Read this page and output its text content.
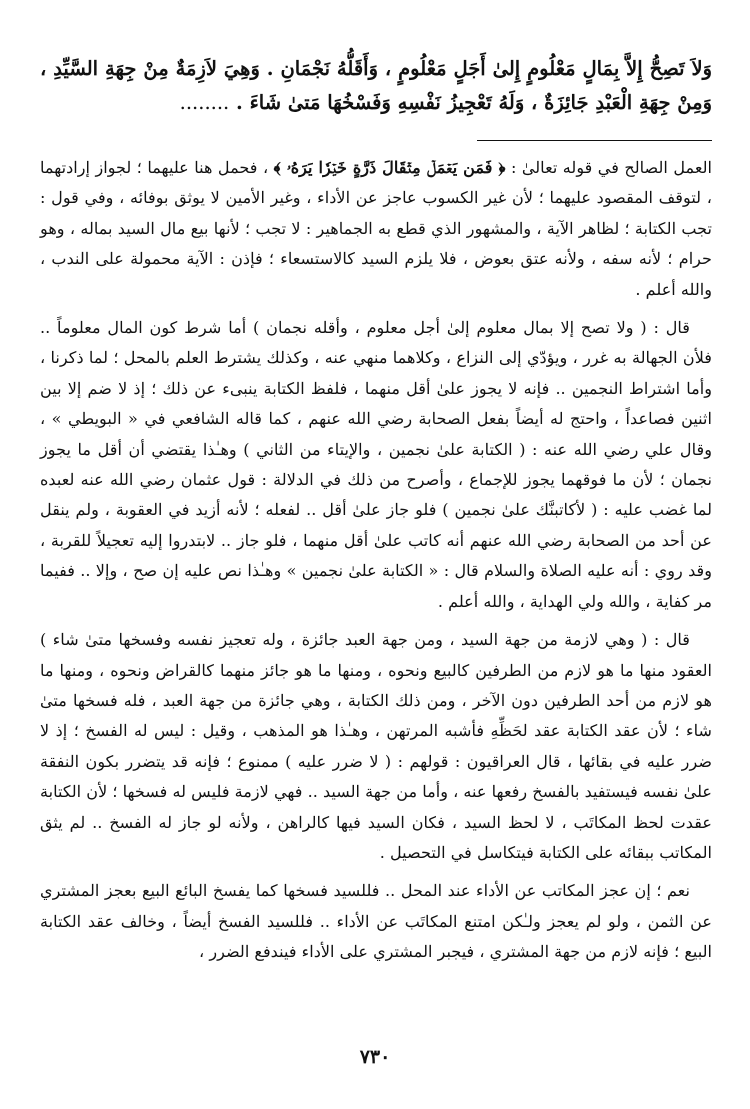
وَلاَ تَصِحُّ إِلاَّ بِمَالٍ مَعْلُومٍ إِلىٰ أَجَلٍ مَعْلُومٍ ، وَأَقَلُّهُ نَجْمَانِ . وَهِيَ لاَزِمَةٌ مِنْ جِهَةِ السَّيِّدِ ، وَمِنْ جِهَةِ الْعَبْدِ جَائِزَةٌ ، وَلَهُ تَعْجِيزُ نَفْسِهِ وَفَسْخُهَا مَتىٰ شَاءَ . ........

العمل الصالح في قوله تعالىٰ : ﴿ فَمَن يَعۡمَلۡ مِثۡقَالَ ذَرَّةٍ خَيۡرٗا يَرَهُۥ ﴾ ، فحمل هنا عليهما ؛ لجواز إرادتهما ، لتوقف المقصود عليهما ؛ لأن غير الكسوب عاجز عن الأداء ، وغير الأمين لا يوثق بوفائه ، وفي قول : تجب الكتابة ؛ لظاهر الآية ، والمشهور الذي قطع به الجماهير : لا تجب ؛ لأنها بيع مال السيد بماله ، وهو حرام ؛ لأنه سفه ، ولأنه عتق بعوض ، فلا يلزم السيد كالاستسعاء ؛ فإذن : الآية محمولة على الندب ، والله أعلم .

قال : ( ولا تصح إلا بمال معلوم إلىٰ أجل معلوم ، وأقله نجمان ) أما شرط كون المال معلوماً .. فلأن الجهالة به غرر ، ويؤدّي إلى النزاع ، وكلاهما منهي عنه ، وكذلك يشترط العلم بالمحل ؛ لما ذكرنا ، وأما اشتراط النجمين .. فإنه لا يجوز علىٰ أقل منهما ، فلفظ الكتابة ينبىء عن ذلك ؛ إذ لا ضم إلا بين اثنين فصاعداً ، واحتج له أيضاً بفعل الصحابة رضي الله عنهم ، كما قاله الشافعي في « البويطي » ، وقال علي رضي الله عنه : ( الكتابة علىٰ نجمين ، والإيتاء من الثاني ) وهـٰذا يقتضي أن أقل ما يجوز نجمان ؛ لأن ما فوقهما يجوز للإجماع ، وأصرح من ذلك في الدلالة : قول عثمان رضي الله عنه لعبده لما غضب عليه : ( لأكاتبنَّك علىٰ نجمين ) فلو جاز علىٰ أقل .. لفعله ؛ لأنه أزيد في العقوبة ، ولم ينقل عن أحد من الصحابة رضي الله عنهم أنه كاتب علىٰ أقل منهما ، فلو جاز .. لابتدروا إليه تعجيلاً للقربة ، وقد روي : أنه عليه الصلاة والسلام قال : « الكتابة علىٰ نجمين » وهـٰذا نص عليه إن صح ، وإلا .. ففيما مر كفاية ، والله ولي الهداية ، والله أعلم .

قال : ( وهي لازمة من جهة السيد ، ومن جهة العبد جائزة ، وله تعجيز نفسه وفسخها متىٰ شاء ) العقود منها ما هو لازم من الطرفين كالبيع ونحوه ، ومنها ما هو جائز منهما كالقراض ونحوه ، ومنها ما هو لازم من أحد الطرفين دون الآخر ، ومن ذلك الكتابة ، وهي جائزة من جهة العبد ، فله فسخها متىٰ شاء ؛ لأن عقد الكتابة عقد لحَظِّهِ فأشبه المرتهن ، وهـٰذا هو المذهب ، وقيل : ليس له الفسخ ؛ إذ لا ضرر عليه في بقائها ، قال العراقيون : قولهم : ( لا ضرر عليه ) ممنوع ؛ فإنه قد يتضرر بكون النفقة علىٰ نفسه فيستفيد بالفسخ رفعها عنه ، وأما من جهة السيد .. فهي لازمة فليس له فسخها ؛ لأن الكتابة عقدت لحظ المكاتَب ، لا لحظ السيد ، فكان السيد فيها كالراهن ، ولأنه لو جاز له الفسخ .. لم يثق المكاتب ببقائه على الكتابة فيتكاسل في التحصيل .

نعم ؛ إن عجز المكاتب عن الأداء عند المحل .. فللسيد فسخها كما يفسخ البائع البيع بعجز المشتري عن الثمن ، ولو لم يعجز ولـٰكن امتنع المكاتَب عن الأداء .. فللسيد الفسخ أيضاً ، وخالف عقد الكتابة البيع ؛ فإنه لازم من جهة المشتري ، فيجبر المشتري على الأداء فيندفع الضرر ،

٧٣٠
